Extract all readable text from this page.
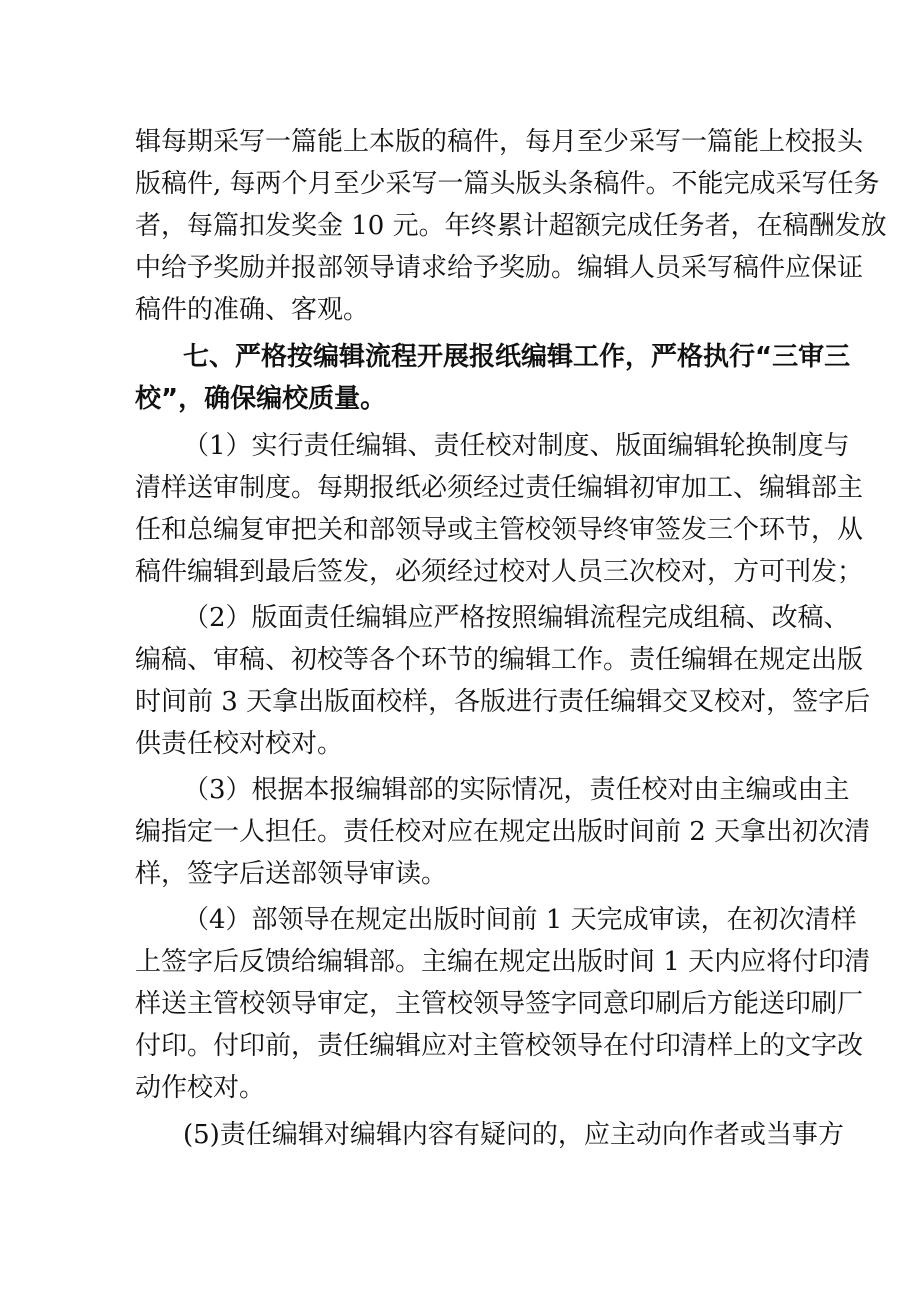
辑每期采写一篇能上本版的稿件，每月至少采写一篇能上校报头
版稿件, 每两个月至少采写一篇头版头条稿件。不能完成采写任务
者，每篇扣发奖金 10 元。年终累计超额完成任务者，在稿酬发放
中给予奖励并报部领导请求给予奖励。编辑人员采写稿件应保证
稿件的准确、客观。
七、严格按编辑流程开展报纸编辑工作，严格执行“三审三
校”，确保编校质量。
（1）实行责任编辑、责任校对制度、版面编辑轮换制度与
清样送审制度。每期报纸必须经过责任编辑初审加工、编辑部主
任和总编复审把关和部领导或主管校领导终审签发三个环节，从
稿件编辑到最后签发，必须经过校对人员三次校对，方可刊发；
（2）版面责任编辑应严格按照编辑流程完成组稿、改稿、
编稿、审稿、初校等各个环节的编辑工作。责任编辑在规定出版
时间前 3 天拿出版面校样，各版进行责任编辑交叉校对，签字后
供责任校对校对。
（3）根据本报编辑部的实际情况，责任校对由主编或由主
编指定一人担任。责任校对应在规定出版时间前 2 天拿出初次清
样，签字后送部领导审读。
（4）部领导在规定出版时间前 1 天完成审读，在初次清样
上签字后反馈给编辑部。主编在规定出版时间 1 天内应将付印清
样送主管校领导审定，主管校领导签字同意印刷后方能送印刷厂
付印。付印前，责任编辑应对主管校领导在付印清样上的文字改
动作校对。
(5)责任编辑对编辑内容有疑问的，应主动向作者或当事方
